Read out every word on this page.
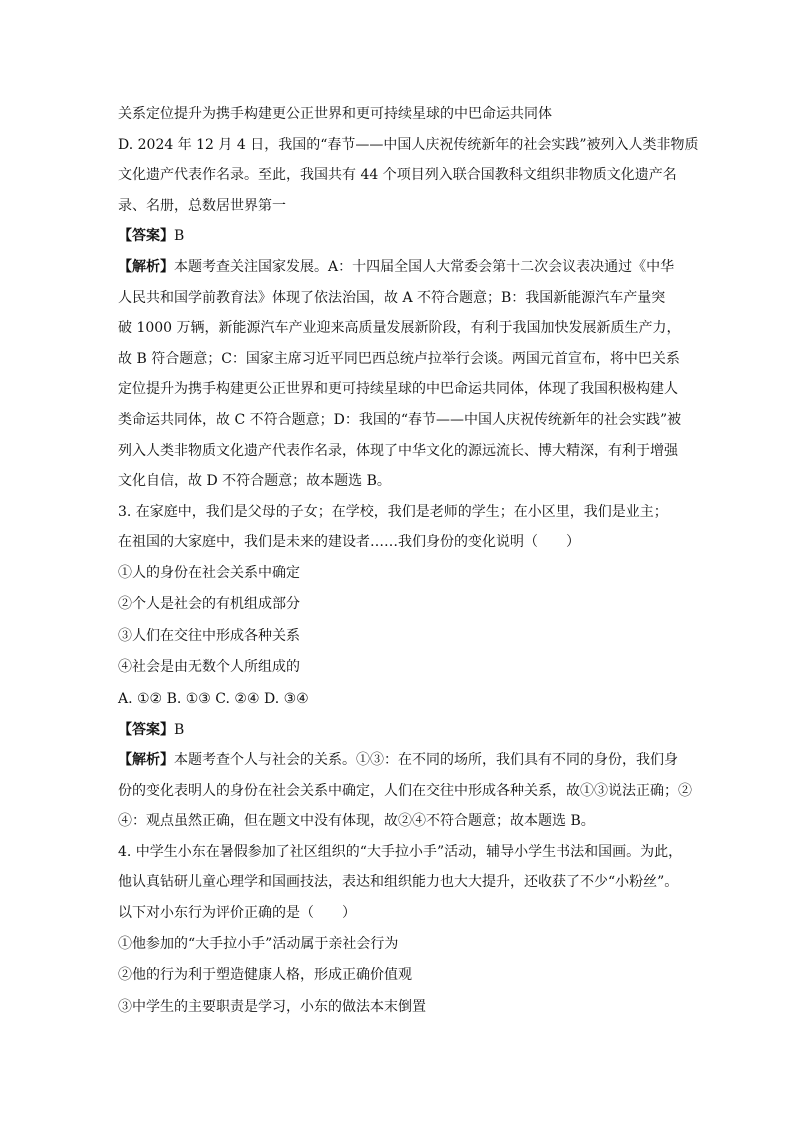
关系定位提升为携手构建更公正世界和更可持续星球的中巴命运共同体
D. 2024 年 12 月 4 日，我国的“春节——中国人庆祝传统新年的社会实践”被列入人类非物质
文化遗产代表作名录。至此，我国共有 44 个项目列入联合国教科文组织非物质文化遗产名
录、名册，总数居世界第一
【答案】B
【解析】本题考查关注国家发展。A：十四届全国人大常委会第十二次会议表决通过《中华
人民共和国学前教育法》体现了依法治国，故 A 不符合题意；B：我国新能源汽车产量突
破 1000 万辆，新能源汽车产业迎来高质量发展新阶段，有利于我国加快发展新质生产力，
故 B 符合题意；C：国家主席习近平同巴西总统卢拉举行会谈。两国元首宣布，将中巴关系
定位提升为携手构建更公正世界和更可持续星球的中巴命运共同体，体现了我国积极构建人
类命运共同体，故 C 不符合题意；D：我国的“春节——中国人庆祝传统新年的社会实践”被
列入人类非物质文化遗产代表作名录，体现了中华文化的源远流长、博大精深，有利于增强
文化自信，故 D 不符合题意；故本题选 B。
3. 在家庭中，我们是父母的子女；在学校，我们是老师的学生；在小区里，我们是业主；
在祖国的大家庭中，我们是未来的建设者……我们身份的变化说明（　　）
①人的身份在社会关系中确定
②个人是社会的有机组成部分
③人们在交往中形成各种关系
④社会是由无数个人所组成的
A. ①② B. ①③ C. ②④ D. ③④
【答案】B
【解析】本题考查个人与社会的关系。①③：在不同的场所，我们具有不同的身份，我们身
份的变化表明人的身份在社会关系中确定，人们在交往中形成各种关系，故①③说法正确；②
④：观点虽然正确，但在题文中没有体现，故②④不符合题意；故本题选 B。
4. 中学生小东在暑假参加了社区组织的“大手拉小手”活动，辅导小学生书法和国画。为此，
他认真钻研儿童心理学和国画技法，表达和组织能力也大大提升，还收获了不少“小粉丝”。
以下对小东行为评价正确的是（　　）
①他参加的“大手拉小手”活动属于亲社会行为
②他的行为利于塑造健康人格，形成正确价值观
③中学生的主要职责是学习，小东的做法本末倒置
